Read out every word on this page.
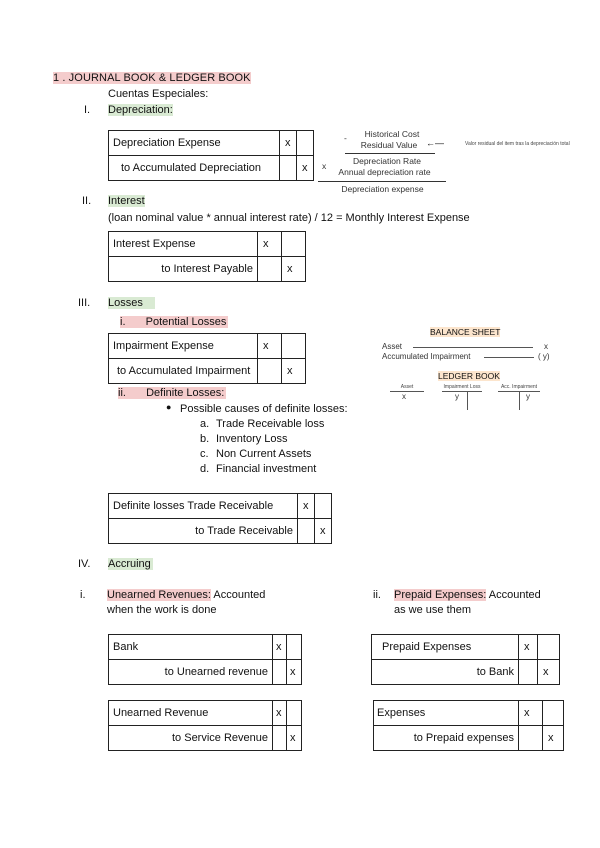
1 . JOURNAL BOOK & LEDGER BOOK
Cuentas Especiales:
I. Depreciation:
Depreciation Expense	x	
to Accumulated Depreciation		x
-	Historical Cost
Residual Value ←—	Valor residual del item tras la depreciación total
x	Depreciation Rate
Annual depreciation rate
Depreciation expense
II. Interest
(loan nominal value * annual interest rate) / 12 = Monthly Interest Expense
Interest Expense	x	
to Interest Payable		x
III. Losses
i. Potential Losses
Impairment Expense	x	
to Accumulated Impairment		x
BALANCE SHEET
Asset	x
Accumulated Impairment	( y)
LEDGER BOOK
Asset
x
Impairment Loss
y
Acc. Impairment
y
ii. Definite Losses:
● Possible causes of definite losses:
a. Trade Receivable loss
b. Inventory Loss
c. Non Current Assets
d. Financial investment
Definite losses Trade Receivable	x	
to Trade Receivable		x
IV. Accruing
i. Unearned Revenues: Accounted
when the work is done
Bank	x	
to Unearned revenue		x
Unearned Revenue	x	
to Service Revenue		x
ii. Prepaid Expenses: Accounted
as we use them
Prepaid Expenses	x	
to Bank		x
Expenses	x	
to Prepaid expenses		x
